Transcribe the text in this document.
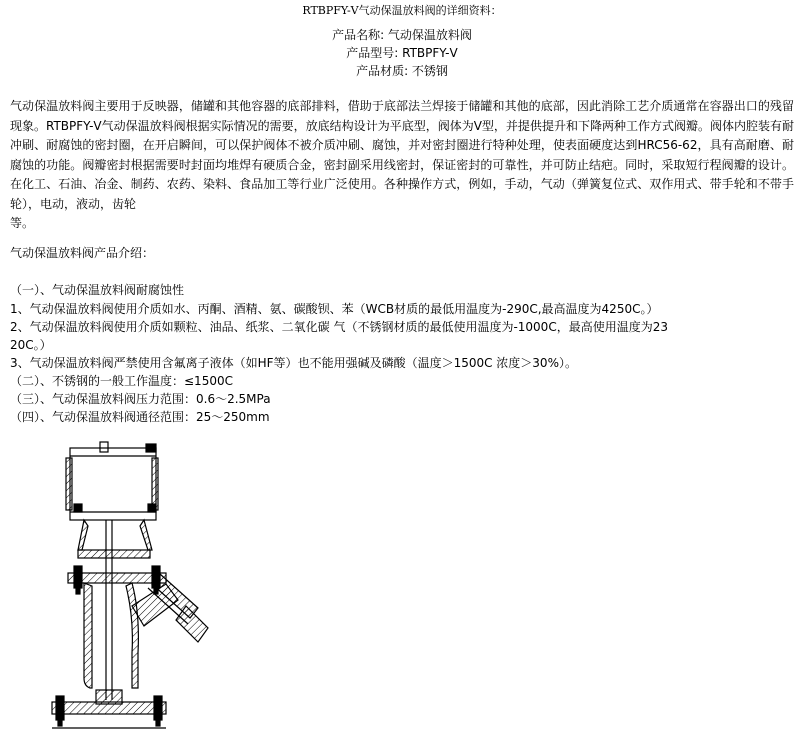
RTBPFY-Ⅴ气动保温放料阀的详细资料：
产品名称: 气动保温放料阀
产品型号: RTBPFY-Ⅴ
产品材质: 不锈钢

气动保温放料阀主要用于反映器，储罐和其他容器的底部排料，借助于底部法兰焊接于储罐和其他的底部，因此消除工艺介质通常在容器出口的残留现象。RTBPFY-Ⅴ气动保温放料阀根据实际情况的需要，放底结构设计为平底型，阀体为V型，并提供提升和下降两种工作方式阀瓣。阀体内腔装有耐冲刷、耐腐蚀的密封圈，在开启瞬间，可以保护阀体不被介质冲刷、腐蚀，并对密封圈进行特种处理，使表面硬度达到HRC56-62，具有高耐磨、耐腐蚀的功能。阀瓣密封根据需要时封面均堆焊有硬质合金，密封副采用线密封，保证密封的可靠性，并可防止结疤。同时，采取短行程阀瓣的设计。在化工、石油、冶金、制药、农药、染料、食品加工等行业广泛使用。各种操作方式，例如，手动，气动（弹簧复位式、双作用式、带手轮和不带手轮），电动，液动，齿轮
等。

气动保温放料阀产品介绍：
（一）、气动保温放料阀耐腐蚀性
1、气动保温放料阀使用介质如水、丙酮、酒精、氨、碳酸钡、苯（WCB材质的最低用温度为-290C,最高温度为4250C。）
2、气动保温放料阀使用介质如颗粒、油品、纸浆、二氧化碳 气（不锈钢材质的最低使用温度为-1000C，最高使用温度为23
20C。）
3、气动保温放料阀严禁使用含氟离子液体（如HF等）也不能用强碱及磷酸（温度＞1500C 浓度＞30%）。
（二）、不锈钢的一般工作温度：≤1500C
（三）、气动保温放料阀压力范围：0.6～2.5MPa
（四）、气动保温放料阀通径范围：25～250mm
